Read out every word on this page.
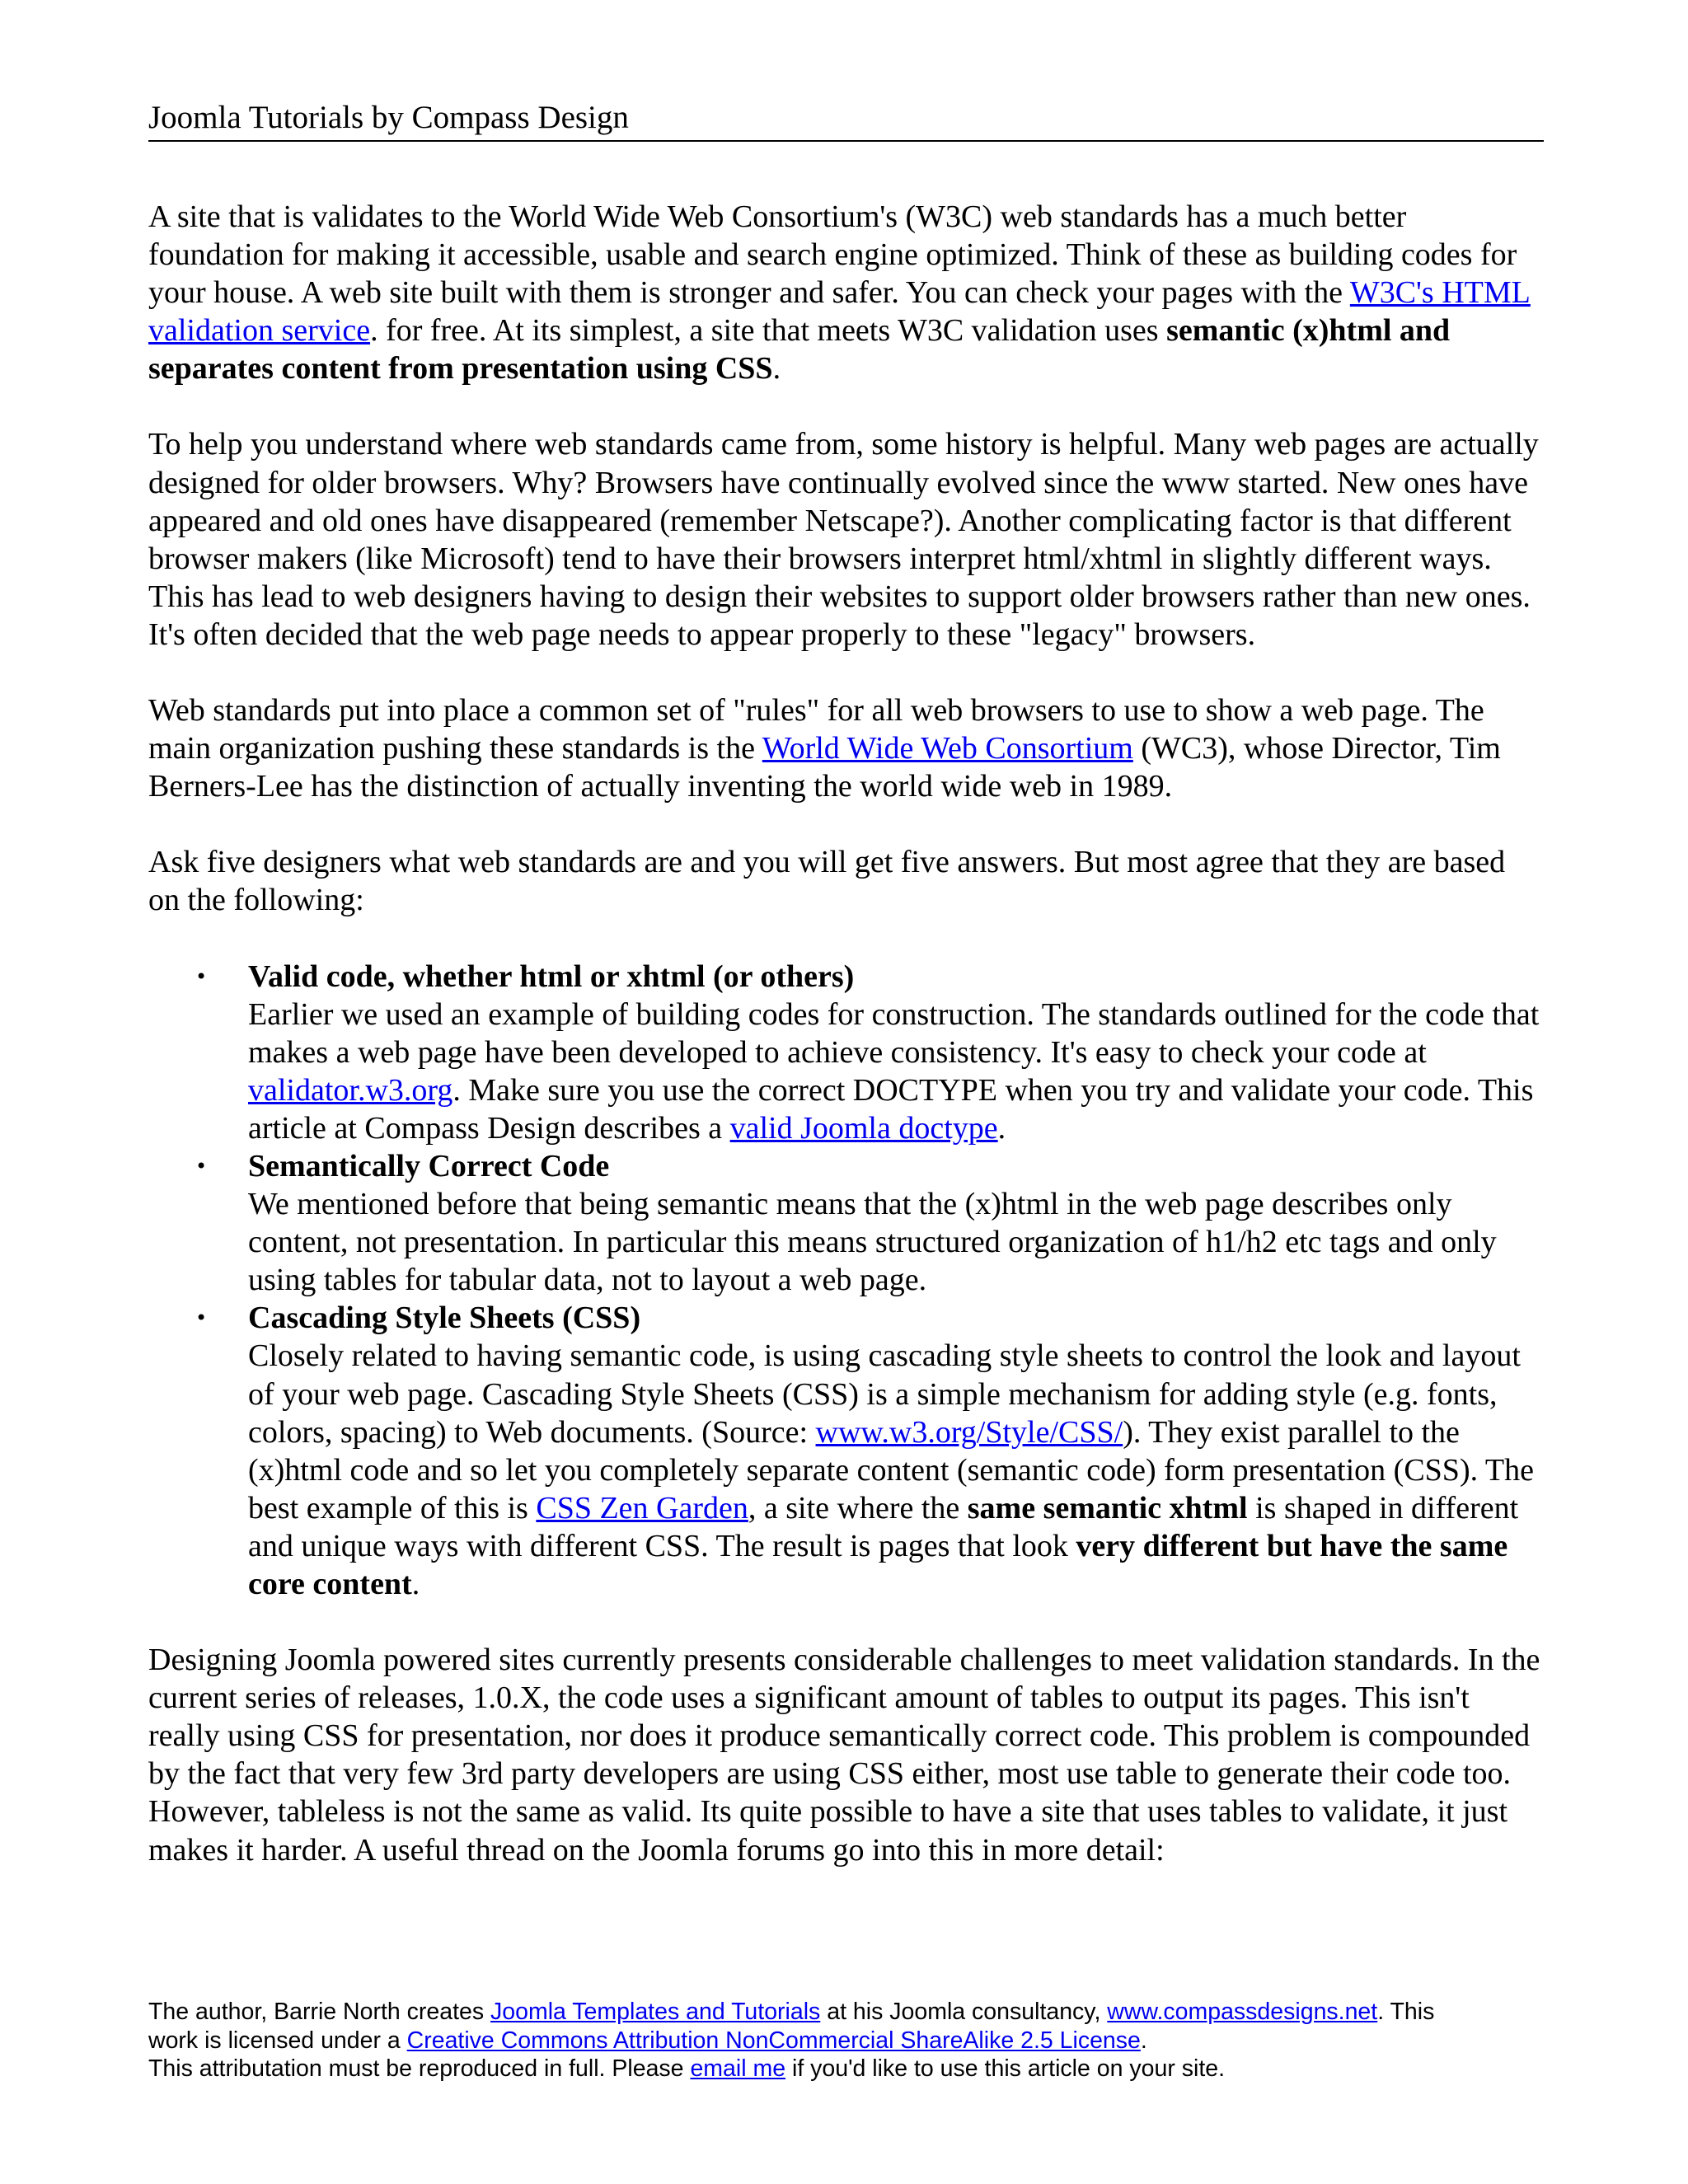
Joomla Tutorials by Compass Design

A site that is validates to the World Wide Web Consortium's (W3C) web standards has a much better foundation for making it accessible, usable and search engine optimized. Think of these as building codes for your house. A web site built with them is stronger and safer. You can check your pages with the W3C's HTML validation service. for free. At its simplest, a site that meets W3C validation uses semantic (x)html and separates content from presentation using CSS.

To help you understand where web standards came from, some history is helpful. Many web pages are actually designed for older browsers. Why? Browsers have continually evolved since the www started. New ones have appeared and old ones have disappeared (remember Netscape?). Another complicating factor is that different browser makers (like Microsoft) tend to have their browsers interpret html/xhtml in slightly different ways. This has lead to web designers having to design their websites to support older browsers rather than new ones. It's often decided that the web page needs to appear properly to these "legacy" browsers.

Web standards put into place a common set of "rules" for all web browsers to use to show a web page. The main organization pushing these standards is the World Wide Web Consortium (WC3), whose Director, Tim Berners-Lee has the distinction of actually inventing the world wide web in 1989.

Ask five designers what web standards are and you will get five answers. But most agree that they are based on the following:

• Valid code, whether html or xhtml (or others)
Earlier we used an example of building codes for construction. The standards outlined for the code that makes a web page have been developed to achieve consistency. It's easy to check your code at validator.w3.org. Make sure you use the correct DOCTYPE when you try and validate your code. This article at Compass Design describes a valid Joomla doctype.
• Semantically Correct Code
We mentioned before that being semantic means that the (x)html in the web page describes only content, not presentation. In particular this means structured organization of h1/h2 etc tags and only using tables for tabular data, not to layout a web page.
• Cascading Style Sheets (CSS)
Closely related to having semantic code, is using cascading style sheets to control the look and layout of your web page. Cascading Style Sheets (CSS) is a simple mechanism for adding style (e.g. fonts, colors, spacing) to Web documents. (Source: www.w3.org/Style/CSS/). They exist parallel to the (x)html code and so let you completely separate content (semantic code) form presentation (CSS). The best example of this is CSS Zen Garden, a site where the same semantic xhtml is shaped in different and unique ways with different CSS. The result is pages that look very different but have the same core content.

Designing Joomla powered sites currently presents considerable challenges to meet validation standards. In the current series of releases, 1.0.X, the code uses a significant amount of tables to output its pages. This isn't really using CSS for presentation, nor does it produce semantically correct code. This problem is compounded by the fact that very few 3rd party developers are using CSS either, most use table to generate their code too. However, tableless is not the same as valid. Its quite possible to have a site that uses tables to validate, it just makes it harder. A useful thread on the Joomla forums go into this in more detail:

The author, Barrie North creates Joomla Templates and Tutorials at his Joomla consultancy, www.compassdesigns.net. This
work is licensed under a Creative Commons Attribution NonCommercial ShareAlike 2.5 License.
This attributation must be reproduced in full. Please email me if you'd like to use this article on your site.
